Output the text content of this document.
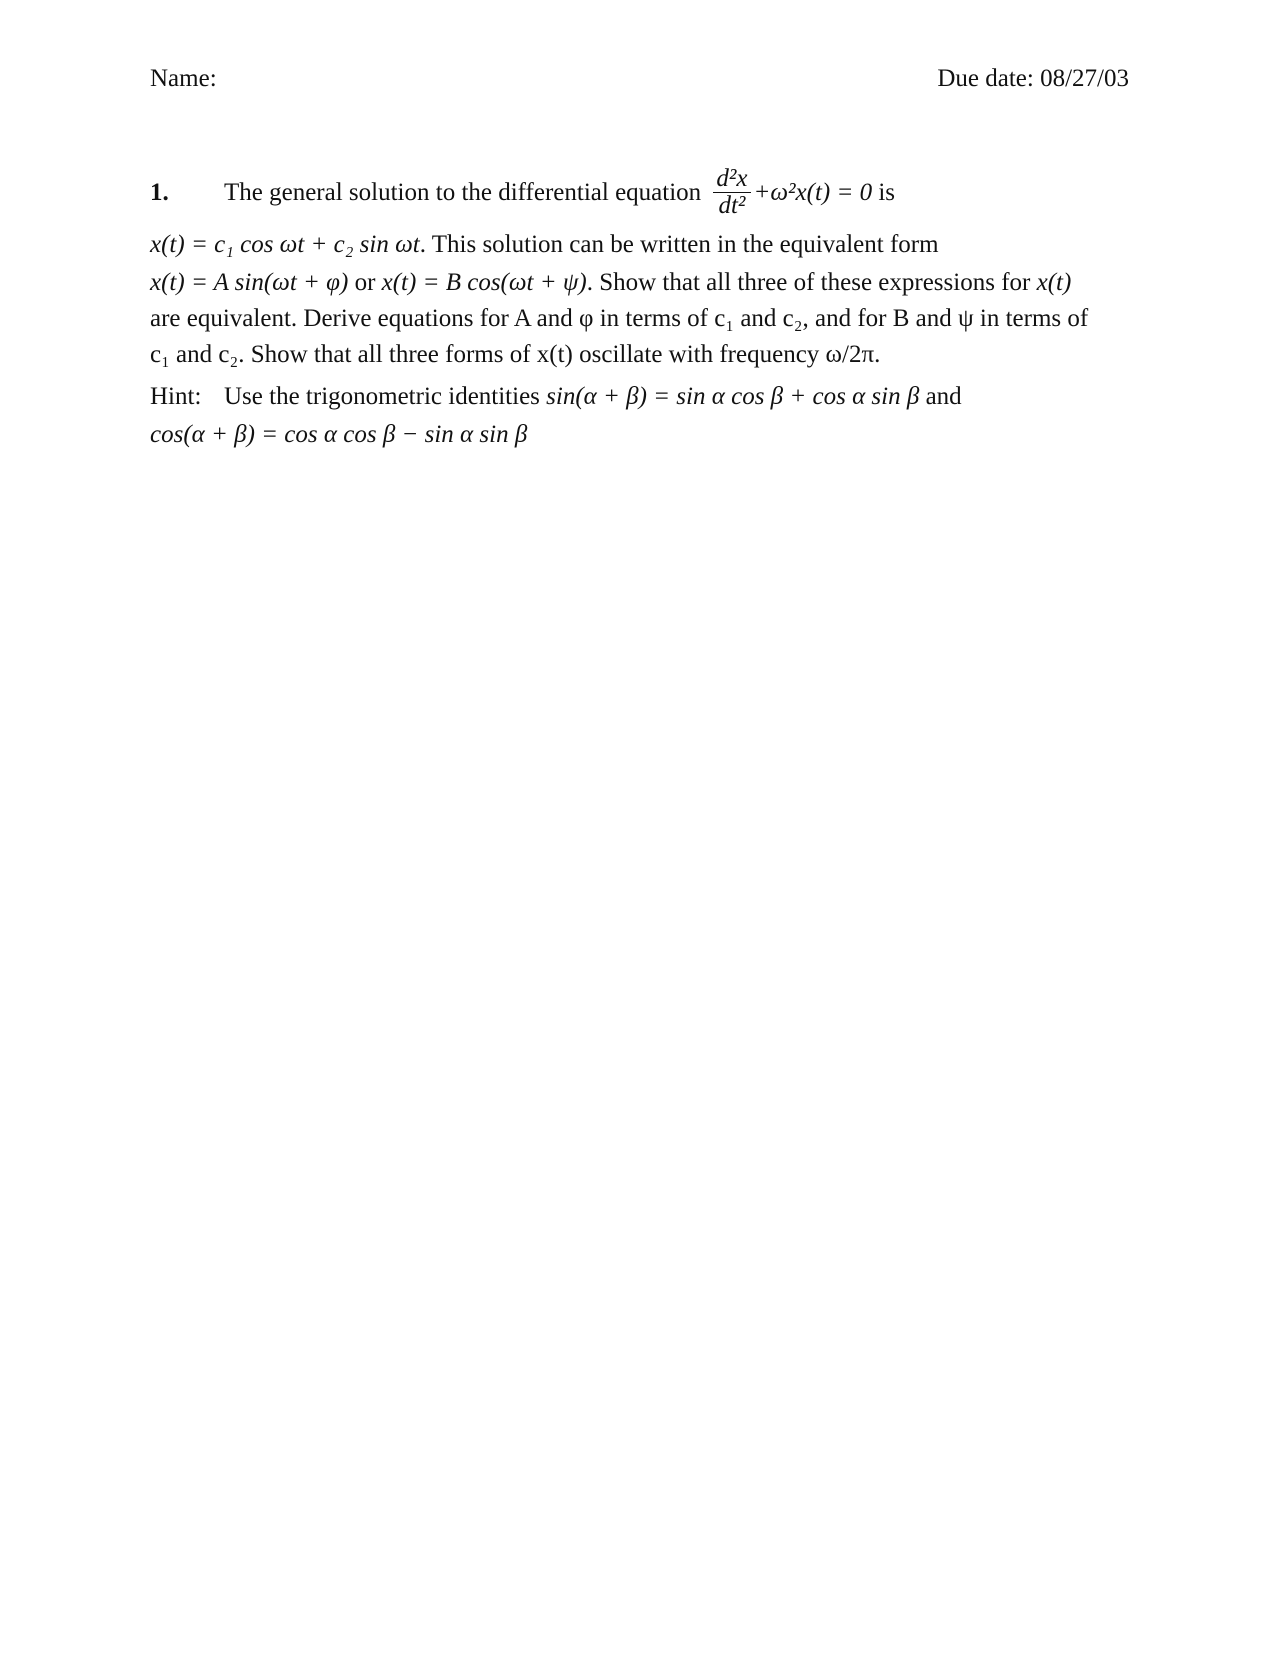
Name:	Due date: 08/27/03
1. The general solution to the differential equation $\frac{\text{d²x}}{\text{dt²}} +\omega^2x(t) = 0$ is
x(t) = c₁ cos ωt + c₂ sin ωt. This solution can be written in the equivalent form
x(t) = A sin(ωt + φ) or x(t) = B cos(ωt + ψ). Show that all three of these expressions for x(t)
are equivalent. Derive equations for A and φ in terms of c₁ and c₂, and for B and ψ in terms of
c₁ and c₂. Show that all three forms of x(t) oscillate with frequency ω/2π.
Hint: Use the trigonometric identities sin(α + β) = sin α cos β + cos α sin β and
cos(α + β) = cos α cos β − sin α sin β
